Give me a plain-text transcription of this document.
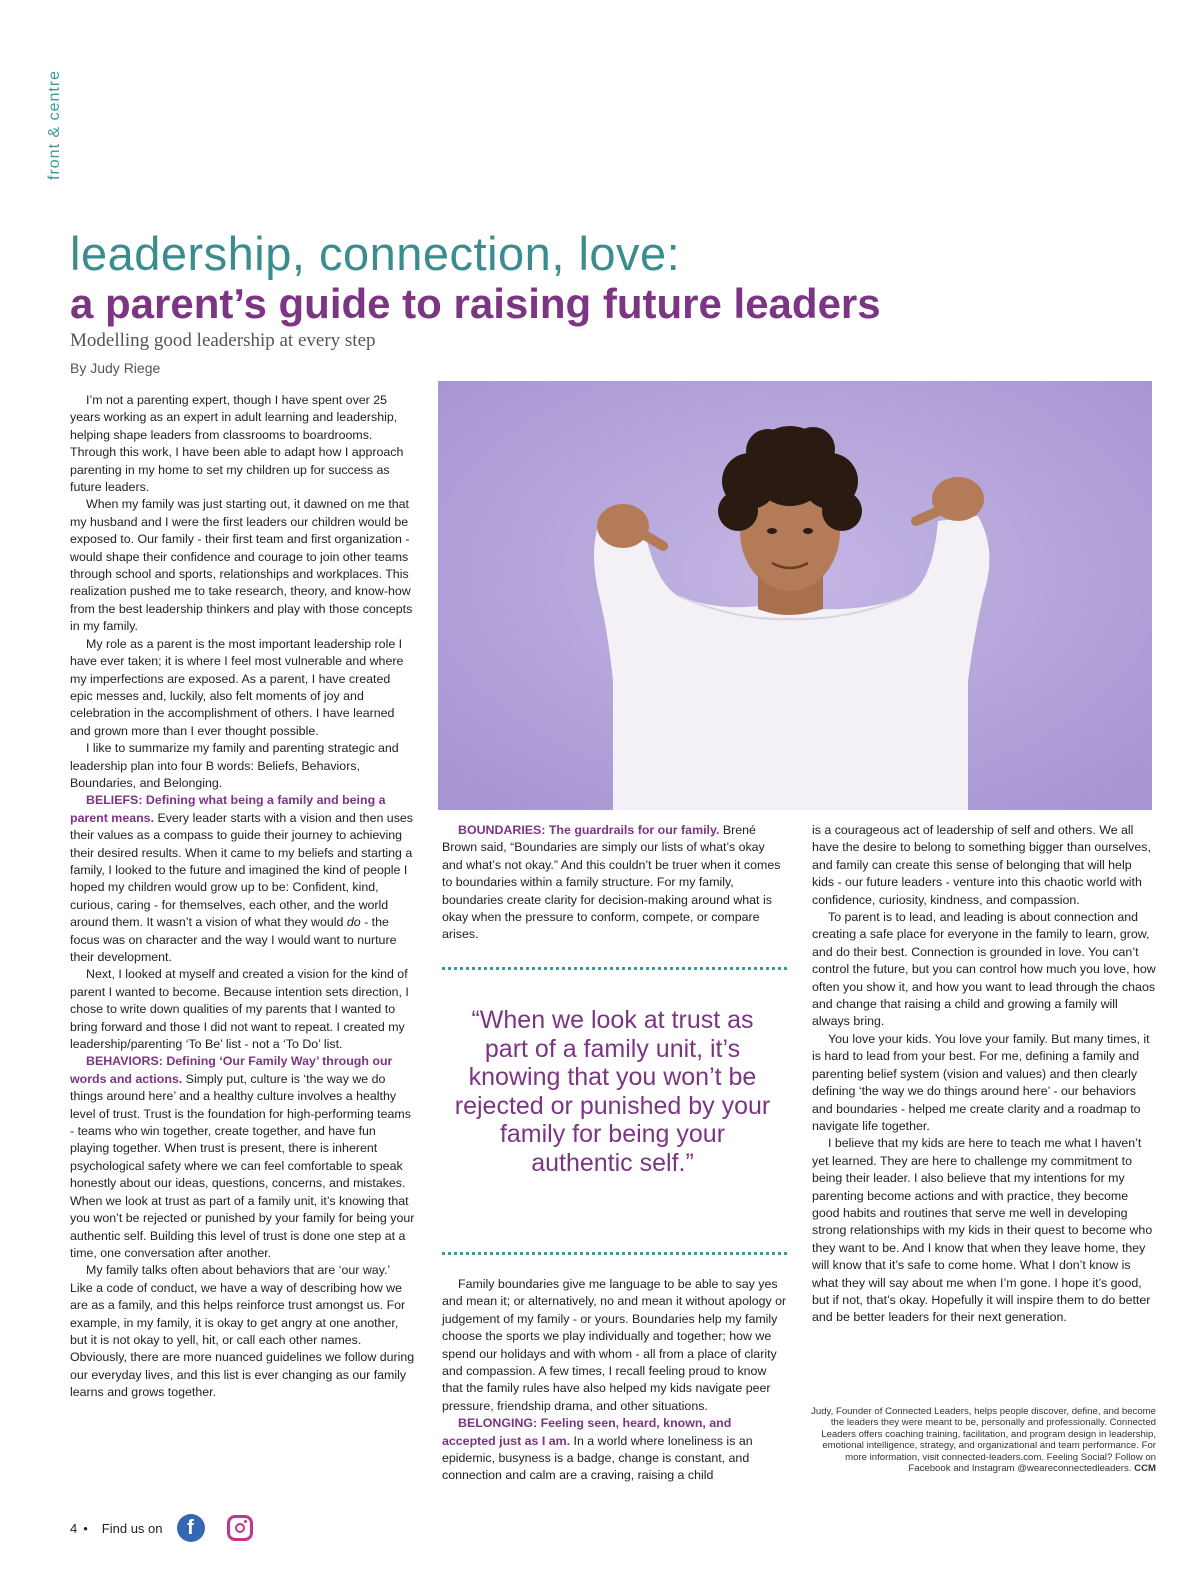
front & centre
leadership, connection, love:
a parent’s guide to raising future leaders
Modelling good leadership at every step
By Judy Riege

I’m not a parenting expert, though I have spent over 25 years working as an expert in adult learning and leadership, helping shape leaders from classrooms to boardrooms. Through this work, I have been able to adapt how I approach parenting in my home to set my children up for success as future leaders.

When my family was just starting out, it dawned on me that my husband and I were the first leaders our children would be exposed to. Our family - their first team and first organization - would shape their confidence and courage to join other teams through school and sports, relationships and workplaces. This realization pushed me to take research, theory, and know-how from the best leadership thinkers and play with those concepts in my family.

My role as a parent is the most important leadership role I have ever taken; it is where I feel most vulnerable and where my imperfections are exposed. As a parent, I have created epic messes and, luckily, also felt moments of joy and celebration in the accomplishment of others. I have learned and grown more than I ever thought possible.

I like to summarize my family and parenting strategic and leadership plan into four B words: Beliefs, Behaviors, Boundaries, and Belonging.

BELIEFS: Defining what being a family and being a parent means. Every leader starts with a vision and then uses their values as a compass to guide their journey to achieving their desired results. When it came to my beliefs and starting a family, I looked to the future and imagined the kind of people I hoped my children would grow up to be: Confident, kind, curious, caring - for themselves, each other, and the world around them. It wasn’t a vision of what they would do - the focus was on character and the way I would want to nurture their development.

Next, I looked at myself and created a vision for the kind of parent I wanted to become. Because intention sets direction, I chose to write down qualities of my parents that I wanted to bring forward and those I did not want to repeat. I created my leadership/parenting ‘To Be’ list - not a ‘To Do’ list.

BEHAVIORS: Defining ‘Our Family Way’ through our words and actions. Simply put, culture is ‘the way we do things around here’ and a healthy culture involves a healthy level of trust. Trust is the foundation for high-performing teams - teams who win together, create together, and have fun playing together. When trust is present, there is inherent psychological safety where we can feel comfortable to speak honestly about our ideas, questions, concerns, and mistakes. When we look at trust as part of a family unit, it’s knowing that you won’t be rejected or punished by your family for being your authentic self. Building this level of trust is done one step at a time, one conversation after another.

My family talks often about behaviors that are ‘our way.’ Like a code of conduct, we have a way of describing how we are as a family, and this helps reinforce trust amongst us. For example, in my family, it is okay to get angry at one another, but it is not okay to yell, hit, or call each other names. Obviously, there are more nuanced guidelines we follow during our everyday lives, and this list is ever changing as our family learns and grows together.

BOUNDARIES: The guardrails for our family. Brené Brown said, “Boundaries are simply our lists of what’s okay and what’s not okay.” And this couldn’t be truer when it comes to boundaries within a family structure. For my family, boundaries create clarity for decision-making around what is okay when the pressure to conform, compete, or compare arises.

“When we look at trust as part of a family unit, it’s knowing that you won’t be rejected or punished by your family for being your authentic self.”

Family boundaries give me language to be able to say yes and mean it; or alternatively, no and mean it without apology or judgement of my family - or yours. Boundaries help my family choose the sports we play individually and together; how we spend our holidays and with whom - all from a place of clarity and compassion. A few times, I recall feeling proud to know that the family rules have also helped my kids navigate peer pressure, friendship drama, and other situations.

BELONGING: Feeling seen, heard, known, and accepted just as I am. In a world where loneliness is an epidemic, busyness is a badge, change is constant, and connection and calm are a craving, raising a child

is a courageous act of leadership of self and others. We all have the desire to belong to something bigger than ourselves, and family can create this sense of belonging that will help kids - our future leaders - venture into this chaotic world with confidence, curiosity, kindness, and compassion.

To parent is to lead, and leading is about connection and creating a safe place for everyone in the family to learn, grow, and do their best. Connection is grounded in love. You can’t control the future, but you can control how much you love, how often you show it, and how you want to lead through the chaos and change that raising a child and growing a family will always bring.

You love your kids. You love your family. But many times, it is hard to lead from your best. For me, defining a family and parenting belief system (vision and values) and then clearly defining ‘the way we do things around here’ - our behaviors and boundaries - helped me create clarity and a roadmap to navigate life together.

I believe that my kids are here to teach me what I haven’t yet learned. They are here to challenge my commitment to being their leader. I also believe that my intentions for my parenting become actions and with practice, they become good habits and routines that serve me well in developing strong relationships with my kids in their quest to become who they want to be. And I know that when they leave home, they will know that it’s safe to come home. What I don’t know is what they will say about me when I’m gone. I hope it’s good, but if not, that’s okay. Hopefully it will inspire them to do better and be better leaders for their next generation.

Judy, Founder of Connected Leaders, helps people discover, define, and become the leaders they were meant to be, personally and professionally. Connected Leaders offers coaching training, facilitation, and program design in leadership, emotional intelligence, strategy, and organizational and team performance. For more information, visit connected-leaders.com. Feeling Social? Follow on Facebook and Instagram @weareconnectedleaders. CCM
4 • Find us on	f
